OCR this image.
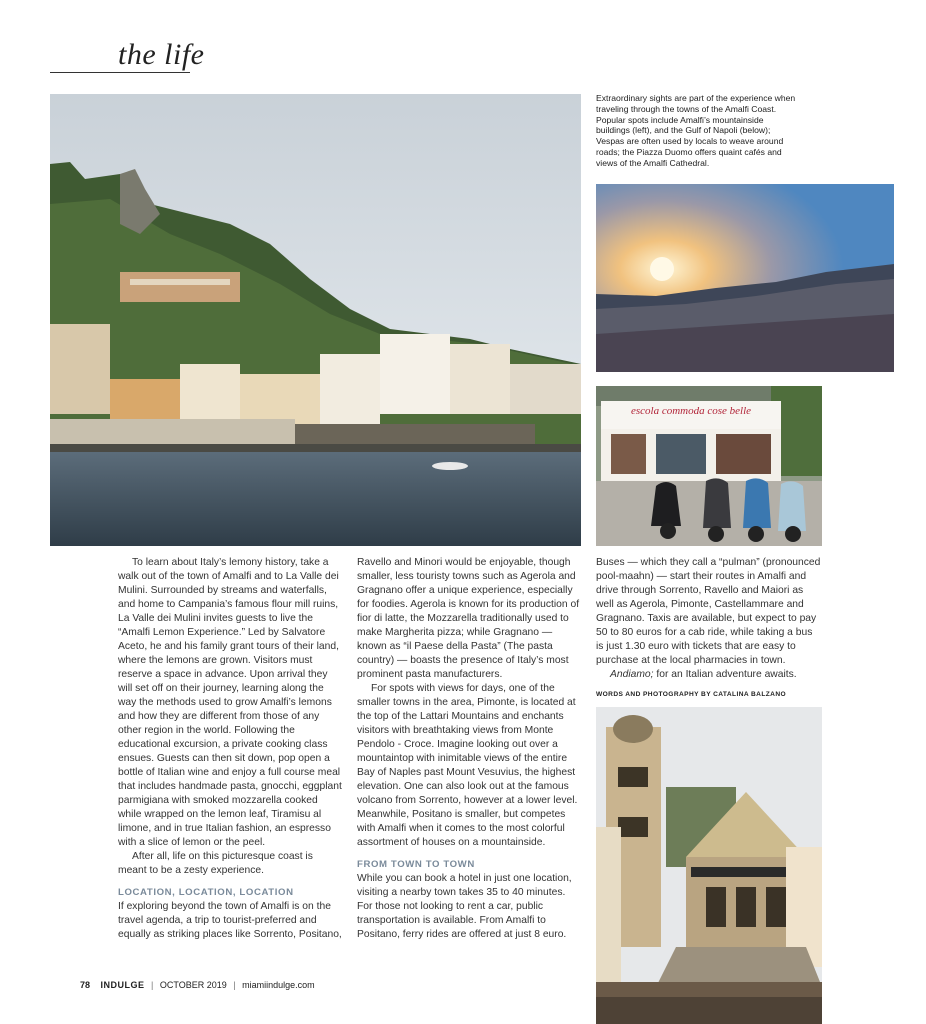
the life

Extraordinary sights are part of the experience when traveling through the towns of the Amalfi Coast. Popular spots include Amalfi’s mountainside buildings (left), and the Gulf of Napoli (below); Vespas are often used by locals to weave around roads; the Piazza Duomo offers quaint cafés and views of the Amalfi Cathedral.

escola commoda cose belle

To learn about Italy’s lemony history, take a walk out of the town of Amalfi and to La Valle dei Mulini. Surrounded by streams and waterfalls, and home to Campania’s famous flour mill ruins, La Valle dei Mulini invites guests to live the “Amalfi Lemon Experience.” Led by Salvatore Aceto, he and his family grant tours of their land, where the lemons are grown. Visitors must reserve a space in advance. Upon arrival they will set off on their journey, learning along the way the methods used to grow Amalfi’s lemons and how they are different from those of any other region in the world. Following the educational excursion, a private cooking class ensues. Guests can then sit down, pop open a bottle of Italian wine and enjoy a full course meal that includes handmade pasta, gnocchi, eggplant parmigiana with smoked mozzarella cooked while wrapped on the lemon leaf, Tiramisu al limone, and in true Italian fashion, an espresso with a slice of lemon or the peel.

After all, life on this picturesque coast is meant to be a zesty experience.

LOCATION, LOCATION, LOCATION

If exploring beyond the town of Amalfi is on the travel agenda, a trip to tourist-preferred and equally as striking places like Sorrento, Positano,

Ravello and Minori would be enjoyable, though smaller, less touristy towns such as Agerola and Gragnano offer a unique experience, especially for foodies. Agerola is known for its production of fior di latte, the Mozzarella traditionally used to make Margherita pizza; while Gragnano — known as “il Paese della Pasta” (The pasta country) — boasts the presence of Italy’s most prominent pasta manufacturers.

For spots with views for days, one of the smaller towns in the area, Pimonte, is located at the top of the Lattari Mountains and enchants visitors with breathtaking views from Monte Pendolo - Croce. Imagine looking out over a mountaintop with inimitable views of the entire Bay of Naples past Mount Vesuvius, the highest elevation. One can also look out at the famous volcano from Sorrento, however at a lower level. Meanwhile, Positano is smaller, but competes with Amalfi when it comes to the most colorful assortment of houses on a mountainside.

FROM TOWN TO TOWN

While you can book a hotel in just one location, visiting a nearby town takes 35 to 40 minutes. For those not looking to rent a car, public transportation is available. From Amalfi to Positano, ferry rides are offered at just 8 euro.

Buses — which they call a “pulman” (pronounced pool-maahn) — start their routes in Amalfi and drive through Sorrento, Ravello and Maiori as well as Agerola, Pimonte, Castellammare and Gragnano. Taxis are available, but expect to pay 50 to 80 euros for a cab ride, while taking a bus is just 1.30 euro with tickets that are easy to purchase at the local pharmacies in town.

Andiamo; for an Italian adventure awaits.

WORDS AND PHOTOGRAPHY BY CATALINA BALZANO

78 INDULGE | OCTOBER 2019 | miamiindulge.com
